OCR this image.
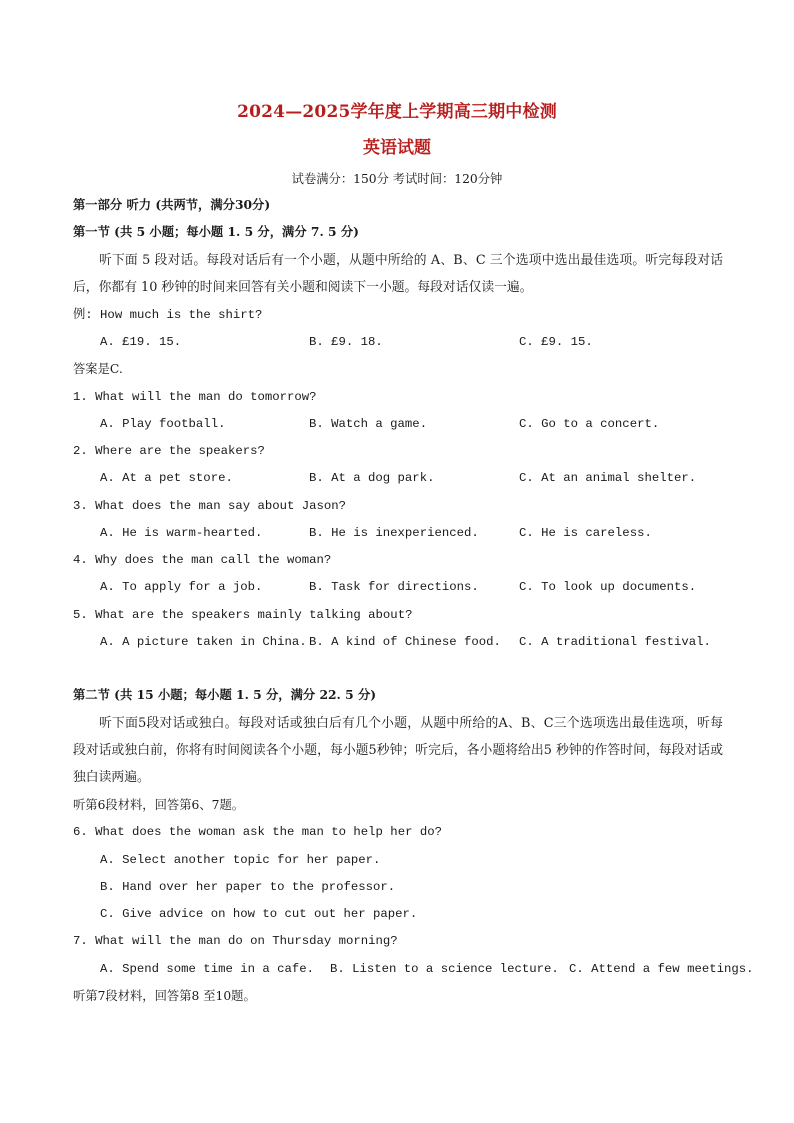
2024—2025学年度上学期高三期中检测
英语试题
试卷满分：150分 考试时间：120分钟
第一部分 听力 (共两节，满分30分)
第一节 (共 5 小题；每小题 1. 5 分，满分 7. 5 分)
听下面 5 段对话。每段对话后有一个小题，从题中所给的 A、B、C 三个选项中选出最佳选项。听完每段对话后，你都有 10 秒钟的时间来回答有关小题和阅读下一小题。每段对话仅读一遍。
例: How much is the shirt?
A. £19. 15.	B. £9. 18.	C. £9. 15.
答案是C.
1. What will the man do tomorrow?
A. Play football.	B. Watch a game.	C. Go to a concert.
2. Where are the speakers?
A. At a pet store.	B. At a dog park.	C. At an animal shelter.
3. What does the man say about Jason?
A. He is warm-hearted.	B. He is inexperienced.	C. He is careless.
4. Why does the man call the woman?
A. To apply for a job.	B. Task for directions.	C. To look up documents.
5. What are the speakers mainly talking about?
A. A picture taken in China. B. A kind of Chinese food. C. A traditional festival.
第二节 (共 15 小题；每小题 1. 5 分，满分 22. 5 分)
听下面5段对话或独白。每段对话或独白后有几个小题，从题中所给的A、B、C三个选项选出最佳选项，听每段对话或独白前，你将有时间阅读各个小题，每小题5秒钟；听完后，各小题将给出5 秒钟的作答时间，每段对话或独白读两遍。
听第6段材料，回答第6、7题。
6. What does the woman ask the man to help her do?
A. Select another topic for her paper.
B. Hand over her paper to the professor.
C. Give advice on how to cut out her paper.
7. What will the man do on Thursday morning?
A. Spend some time in a cafe. B. Listen to a science lecture. C. Attend a few meetings.
听第7段材料，回答第8 至10题。
